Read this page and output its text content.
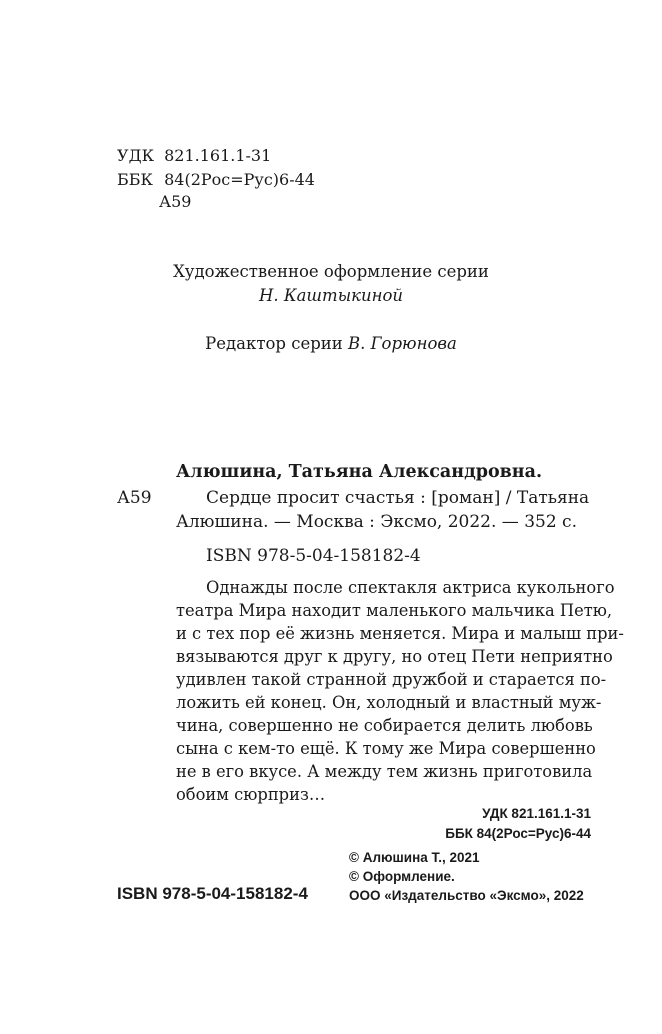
УДК 821.161.1-31
ББК 84(2Рос=Рус)6-44
А59
Художественное оформление серии
Н. Каштыкиной
Редактор серии В. Горюнова
Алюшина, Татьяна Александровна.
А59	Сердце просит счастья : [роман] / Татьяна
Алюшина. — Москва : Эксмо, 2022. — 352 с.
ISBN 978-5-04-158182-4
Однажды после спектакля актриса кукольного
театра Мира находит маленького мальчика Петю,
и с тех пор её жизнь меняется. Мира и малыш при-
вязываются друг к другу, но отец Пети неприятно
удивлен такой странной дружбой и старается по-
ложить ей конец. Он, холодный и властный муж-
чина, совершенно не собирается делить любовь
сына с кем-то ещё. К тому же Мира совершенно
не в его вкусе. А между тем жизнь приготовила
обоим сюрприз…
УДК 821.161.1-31
ББК 84(2Рос=Рус)6-44
© Алюшина Т., 2021
© Оформление.
ООО «Издательство «Эксмо», 2022
ISBN 978-5-04-158182-4
